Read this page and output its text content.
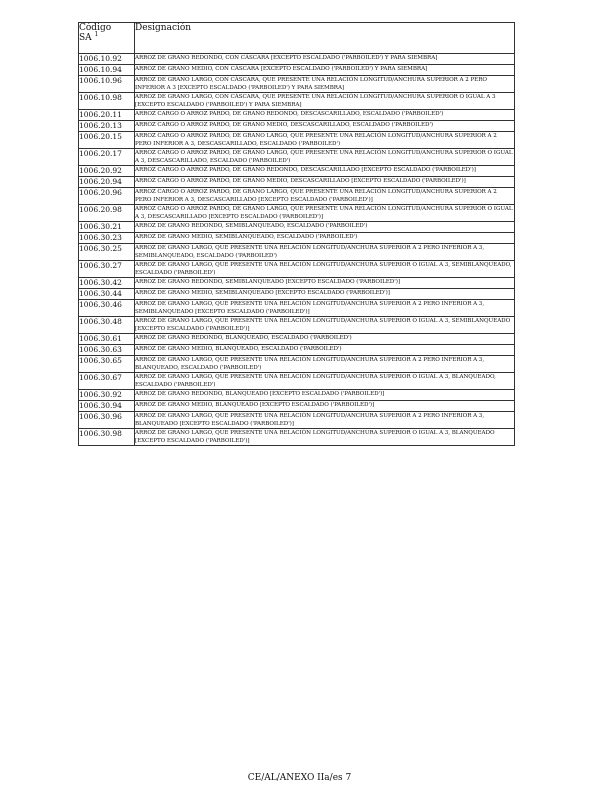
Código
SA $^1$	Designación
1006.10.92	ARROZ DE GRANO REDONDO, CON CÁSCARA [EXCEPTO ESCALDADO ('PARBOILED') Y PARA SIEMBRA]
1006.10.94	ARROZ DE GRANO MEDIO, CON CÁSCARA [EXCEPTO ESCALDADO ('PARBOILED') Y PARA SIEMBRA]
1006.10.96	ARROZ DE GRANO LARGO, CON CÁSCARA, QUE PRESENTE UNA RELACIÓN LONGITUD/ANCHURA SUPERIOR A 2 PERO INFERIOR A 3 [EXCEPTO ESCALDADO ('PARBOILED') Y PARA SIEMBRA]
1006.10.98	ARROZ DE GRANO LARGO, CON CÁSCARA, QUE PRESENTE UNA RELACIÓN LONGITUD/ANCHURA SUPERIOR O IGUAL A 3 [EXCEPTO ESCALDADO ('PARBOILED') Y PARA SIEMBRA]
1006.20.11	ARROZ CARGO O ARROZ PARDO, DE GRANO REDONDO, DESCASCARILLADO, ESCALDADO ('PARBOILED')
1006.20.13	ARROZ CARGO O ARROZ PARDO, DE GRANO MEDIO, DESCASCARILLADO, ESCALDADO ('PARBOILED')
1006.20.15	ARROZ CARGO O ARROZ PARDO, DE GRANO LARGO, QUE PRESENTE UNA RELACIÓN LONGITUD/ANCHURA SUPERIOR A 2 PERO INFERIOR A 3, DESCASCARILLADO, ESCALDADO ('PARBOILED')
1006.20.17	ARROZ CARGO O ARROZ PARDO, DE GRANO LARGO, QUE PRESENTE UNA RELACIÓN LONGITUD/ANCHURA SUPERIOR O IGUAL A 3, DESCASCARILLADO, ESCALDADO ('PARBOILED')
1006.20.92	ARROZ CARGO O ARROZ PARDO, DE GRANO REDONDO, DESCASCARILLADO [EXCEPTO ESCALDADO ('PARBOILED')]
1006.20.94	ARROZ CARGO O ARROZ PARDO, DE GRANO MEDIO, DESCASCARILLADO [EXCEPTO ESCALDADO ('PARBOILED')]
1006.20.96	ARROZ CARGO O ARROZ PARDO, DE GRANO LARGO, QUE PRESENTE UNA RELACIÓN LONGITUD/ANCHURA SUPERIOR A 2 PERO INFERIOR A 3, DESCASCARILLADO [EXCEPTO ESCALDADO ('PARBOILED')]
1006.20.98	ARROZ CARGO O ARROZ PARDO, DE GRANO LARGO, QUE PRESENTE UNA RELACIÓN LONGITUD/ANCHURA SUPERIOR O IGUAL A 3, DESCASCARILLADO [EXCEPTO ESCALDADO ('PARBOILED')]
1006.30.21	ARROZ DE GRANO REDONDO, SEMIBLANQUEADO, ESCALDADO ('PARBOILED')
1006.30.23	ARROZ DE GRANO MEDIO, SEMIBLANQUEADO, ESCALDADO ('PARBOILED')
1006.30.25	ARROZ DE GRANO LARGO, QUE PRESENTE UNA RELACIÓN LONGITUD/ANCHURA SUPERIOR A 2 PERO INFERIOR A 3, SEMIBLANQUEADO, ESCALDADO ('PARBOILED')
1006.30.27	ARROZ DE GRANO LARGO, QUE PRESENTE UNA RELACIÓN LONGITUD/ANCHURA SUPERIOR O IGUAL A 3, SEMIBLANQUEADO, ESCALDADO ('PARBOILED')
1006.30.42	ARROZ DE GRANO REDONDO, SEMIBLANQUEADO [EXCEPTO ESCALDADO ('PARBOILED')]
1006.30.44	ARROZ DE GRANO MEDIO, SEMIBLANQUEADO [EXCEPTO ESCALDADO ('PARBOILED')]
1006.30.46	ARROZ DE GRANO LARGO, QUE PRESENTE UNA RELACIÓN LONGITUD/ANCHURA SUPERIOR A 2 PERO INFERIOR A 3, SEMIBLANQUEADO [EXCEPTO ESCALDADO ('PARBOILED')]
1006.30.48	ARROZ DE GRANO LARGO, QUE PRESENTE UNA RELACIÓN LONGITUD/ANCHURA SUPERIOR O IGUAL A 3, SEMIBLANQUEADO [EXCEPTO ESCALDADO ('PARBOILED')]
1006.30.61	ARROZ DE GRANO REDONDO, BLANQUEADO, ESCALDADO ('PARBOILED')
1006.30.63	ARROZ DE GRANO MEDIO, BLANQUEADO, ESCALDADO ('PARBOILED')
1006.30.65	ARROZ DE GRANO LARGO, QUE PRESENTE UNA RELACIÓN LONGITUD/ANCHURA SUPERIOR A 2 PERO INFERIOR A 3, BLANQUEADO, ESCALDADO ('PARBOILED')
1006.30.67	ARROZ DE GRANO LARGO, QUE PRESENTE UNA RELACIÓN LONGITUD/ANCHURA SUPERIOR O IGUAL A 3, BLANQUEADO, ESCALDADO ('PARBOILED')
1006.30.92	ARROZ DE GRANO REDONDO, BLANQUEADO [EXCEPTO ESCALDADO ('PARBOILED')]
1006.30.94	ARROZ DE GRANO MEDIO, BLANQUEADO [EXCEPTO ESCALDADO ('PARBOILED')]
1006.30.96	ARROZ DE GRANO LARGO, QUE PRESENTE UNA RELACIÓN LONGITUD/ANCHURA SUPERIOR A 2 PERO INFERIOR A 3, BLANQUEADO [EXCEPTO ESCALDADO ('PARBOILED')]
1006.30.98	ARROZ DE GRANO LARGO, QUE PRESENTE UNA RELACIÓN LONGITUD/ANCHURA SUPERIOR O IGUAL A 3, BLANQUEADO [EXCEPTO ESCALDADO ('PARBOILED')]
CE/AL/ANEXO IIa/es 7
